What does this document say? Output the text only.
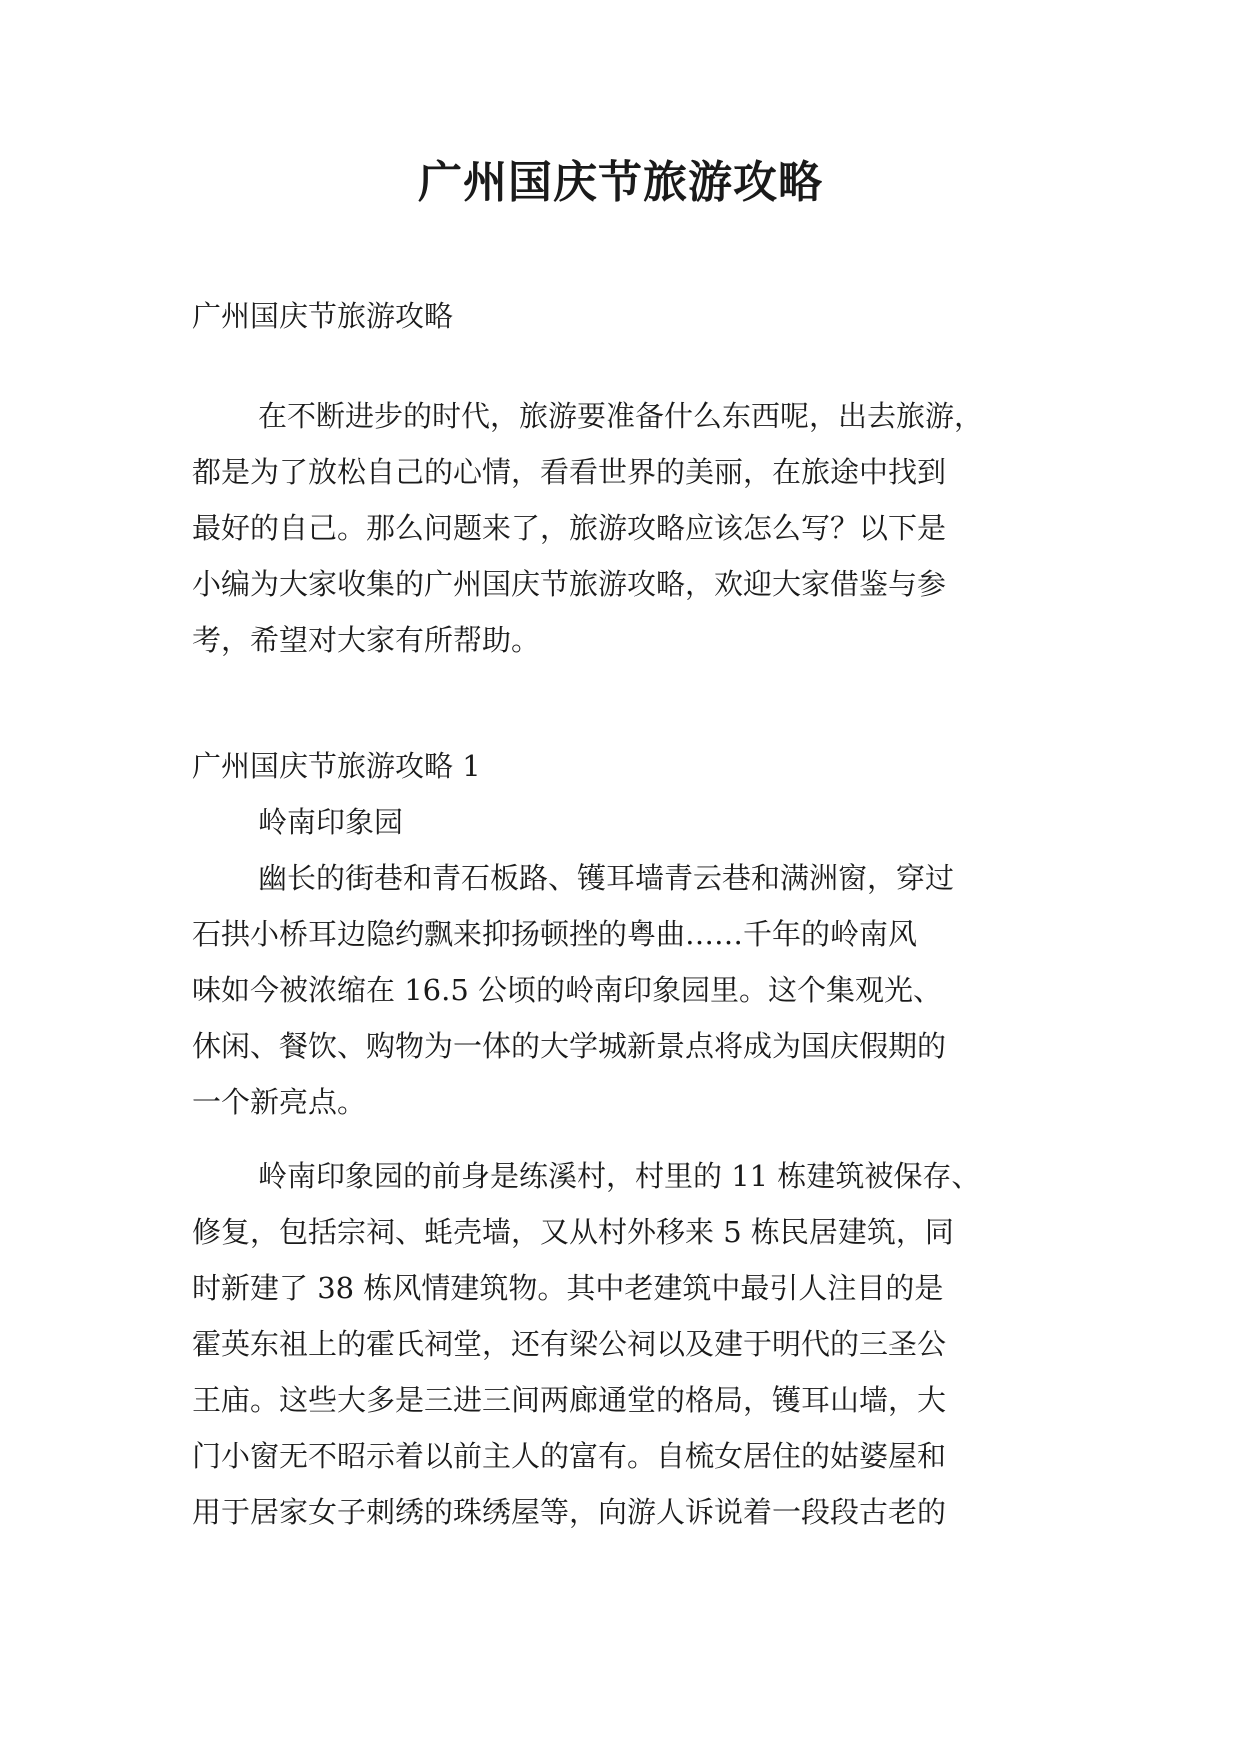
广州国庆节旅游攻略

广州国庆节旅游攻略

在不断进步的时代，旅游要准备什么东西呢，出去旅游，

都是为了放松自己的心情，看看世界的美丽，在旅途中找到

最好的自己。那么问题来了，旅游攻略应该怎么写？以下是

小编为大家收集的广州国庆节旅游攻略，欢迎大家借鉴与参

考，希望对大家有所帮助。

广州国庆节旅游攻略 1

岭南印象园

幽长的街巷和青石板路、镬耳墙青云巷和满洲窗，穿过

石拱小桥耳边隐约飘来抑扬顿挫的粤曲……千年的岭南风

味如今被浓缩在 16.5 公顷的岭南印象园里。这个集观光、

休闲、餐饮、购物为一体的大学城新景点将成为国庆假期的

一个新亮点。

岭南印象园的前身是练溪村，村里的 11 栋建筑被保存、

修复，包括宗祠、蚝壳墙，又从村外移来 5 栋民居建筑，同

时新建了 38 栋风情建筑物。其中老建筑中最引人注目的是

霍英东祖上的霍氏祠堂，还有梁公祠以及建于明代的三圣公

王庙。这些大多是三进三间两廊通堂的格局，镬耳山墙，大

门小窗无不昭示着以前主人的富有。自梳女居住的姑婆屋和

用于居家女子刺绣的珠绣屋等，向游人诉说着一段段古老的
